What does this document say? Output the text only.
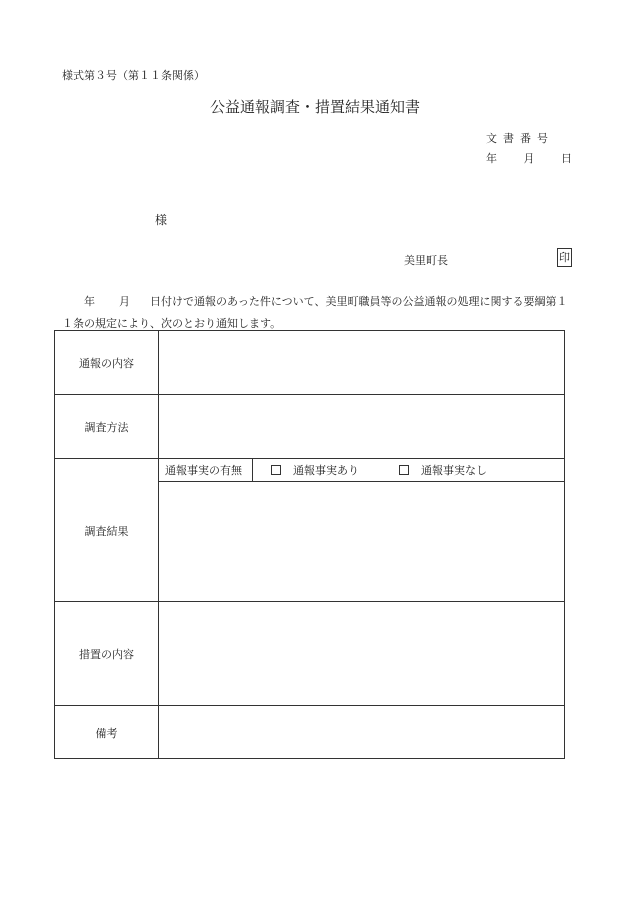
様式第３号（第１１条関係）
公益通報調査・措置結果通知書
文書番号
年 月 日
様
美里町長	印
年 月 日付けで通報のあった件について、美里町職員等の公益通報の処理に関する要綱第１１条の規定により、次のとおり通知します。
通報の内容
調査方法
調査結果
通報事実の有無	通報事実あり	通報事実なし
措置の内容
備考
